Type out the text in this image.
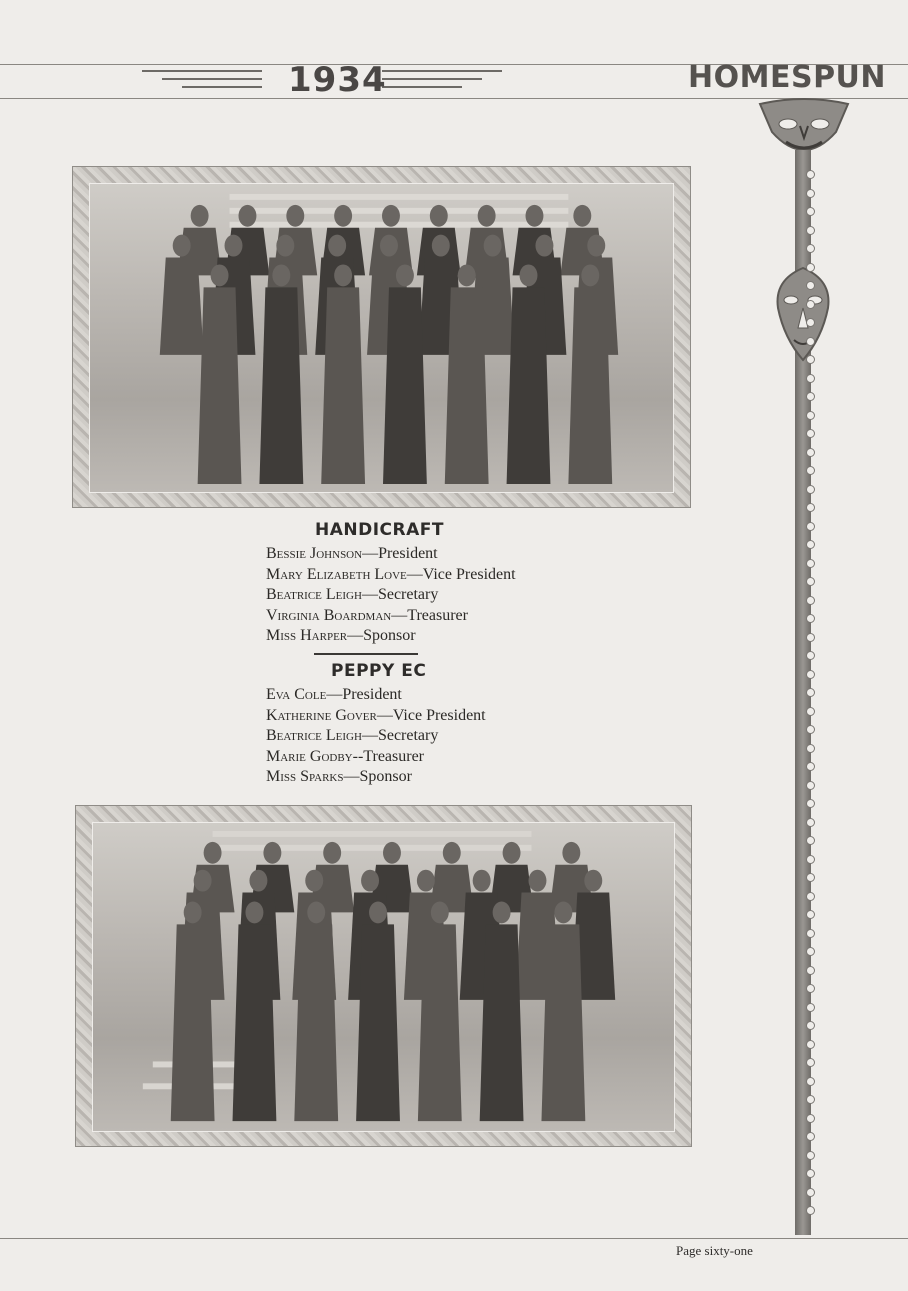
1934	HOMESPUN
HANDICRAFT
Bessie Johnson—President
Mary Elizabeth Love—Vice President
Beatrice Leigh—Secretary
Virginia Boardman—Treasurer
Miss Harper—Sponsor
PEPPY EC
Eva Cole—President
Katherine Gover—Vice President
Beatrice Leigh—Secretary
Marie Godby--Treasurer
Miss Sparks—Sponsor
Page sixty-one
